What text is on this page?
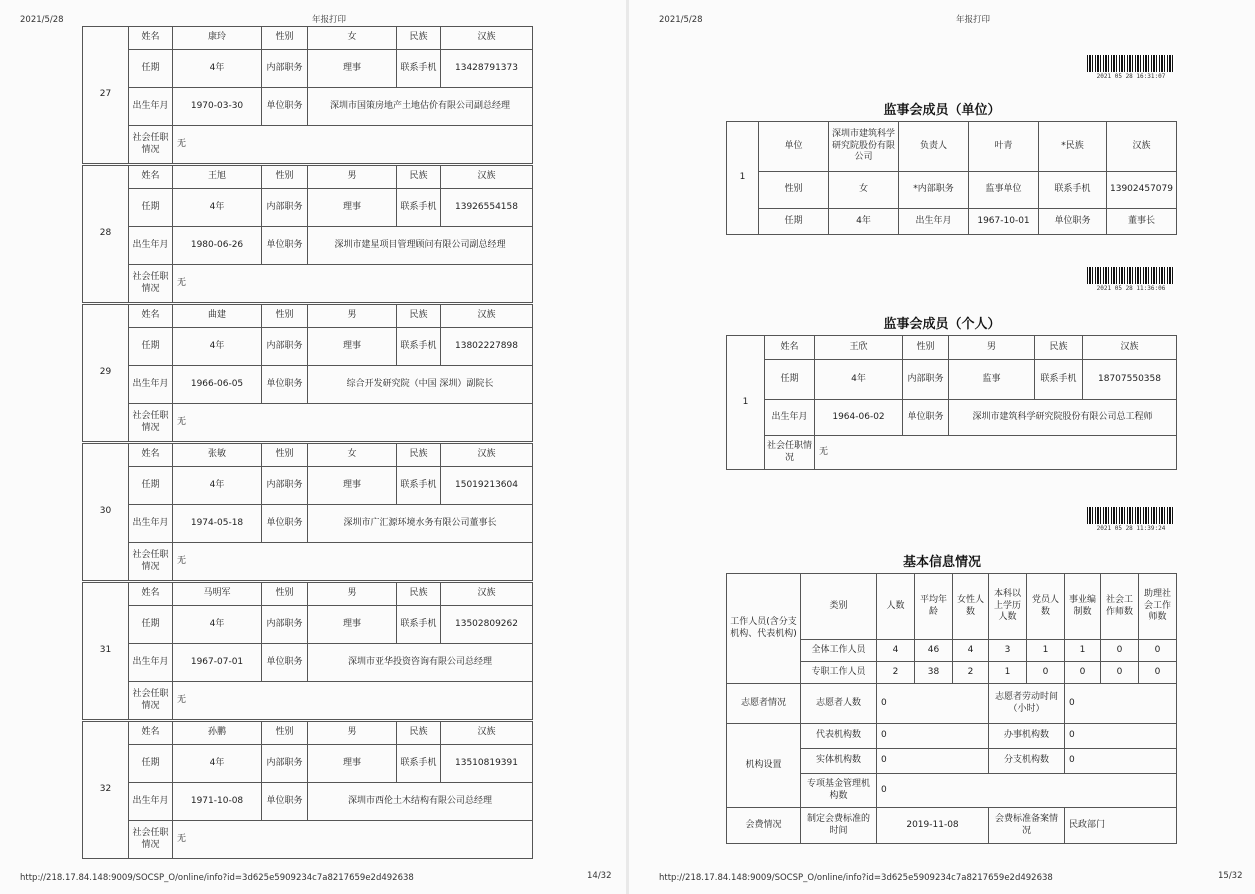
2021/5/28	年报打印
27	姓名	康玲	性别	女	民族	汉族
	任期	4年	内部职务	理事	联系手机	13428791373
	出生年月	1970-03-30	单位职务	深圳市国策房地产土地估价有限公司副总经理		
	社会任职情况	无				
28	姓名	王旭	性别	男	民族	汉族
	任期	4年	内部职务	理事	联系手机	13926554158
	出生年月	1980-06-26	单位职务	深圳市建星项目管理顾问有限公司副总经理		
	社会任职情况	无				
29	姓名	曲建	性别	男	民族	汉族
	任期	4年	内部职务	理事	联系手机	13802227898
	出生年月	1966-06-05	单位职务	综合开发研究院（中国 深圳）副院长		
	社会任职情况	无				
30	姓名	张敏	性别	女	民族	汉族
	任期	4年	内部职务	理事	联系手机	15019213604
	出生年月	1974-05-18	单位职务	深圳市广汇源环境水务有限公司董事长		
	社会任职情况	无				
31	姓名	马明军	性别	男	民族	汉族
	任期	4年	内部职务	理事	联系手机	13502809262
	出生年月	1967-07-01	单位职务	深圳市亚华投资咨询有限公司总经理		
	社会任职情况	无				
32	姓名	孙鹏	性别	男	民族	汉族
	任期	4年	内部职务	理事	联系手机	13510819391
	出生年月	1971-10-08	单位职务	深圳市西伦土木结构有限公司总经理		
	社会任职情况	无				
http://218.17.84.148:9009/SOCSP_O/online/info?id=3d625e5909234c7a8217659e2d492638	14/32
2021/5/28	年报打印
2021 05 28 16:31:07
监事会成员（单位）
1	单位	深圳市建筑科学研究院股份有限公司	负责人	叶青	*民族	汉族
	性别	女	*内部职务	监事单位	联系手机	13902457079
	任期	4年	出生年月	1967-10-01	单位职务	董事长
2021 05 28 11:36:06
监事会成员（个人）
1	姓名	王欣	性别	男	民族	汉族
	任期	4年	内部职务	监事	联系手机	18707550358
	出生年月	1964-06-02	单位职务	深圳市建筑科学研究院股份有限公司总工程师		
	社会任职情况	无				
2021 05 28 11:39:24
基本信息情况
工作人员(含分支机构、代表机构)	类别	人数	平均年龄	女性人数	本科以上学历人数	党员人数	事业编制数	社会工作师数	助理社会工作师数
	全体工作人员	4	46	4	3	1	1	0	0
	专职工作人员	2	38	2	1	0	0	0	0
志愿者情况	志愿者人数	0			志愿者劳动时间（小时）		0		
机构设置	代表机构数	0			办事机构数		0		
	实体机构数	0			分支机构数		0		
	专项基金管理机构数	0							
会费情况	制定会费标准的时间	2019-11-08			会费标准备案情况		民政部门		
http://218.17.84.148:9009/SOCSP_O/online/info?id=3d625e5909234c7a8217659e2d492638	15/32
